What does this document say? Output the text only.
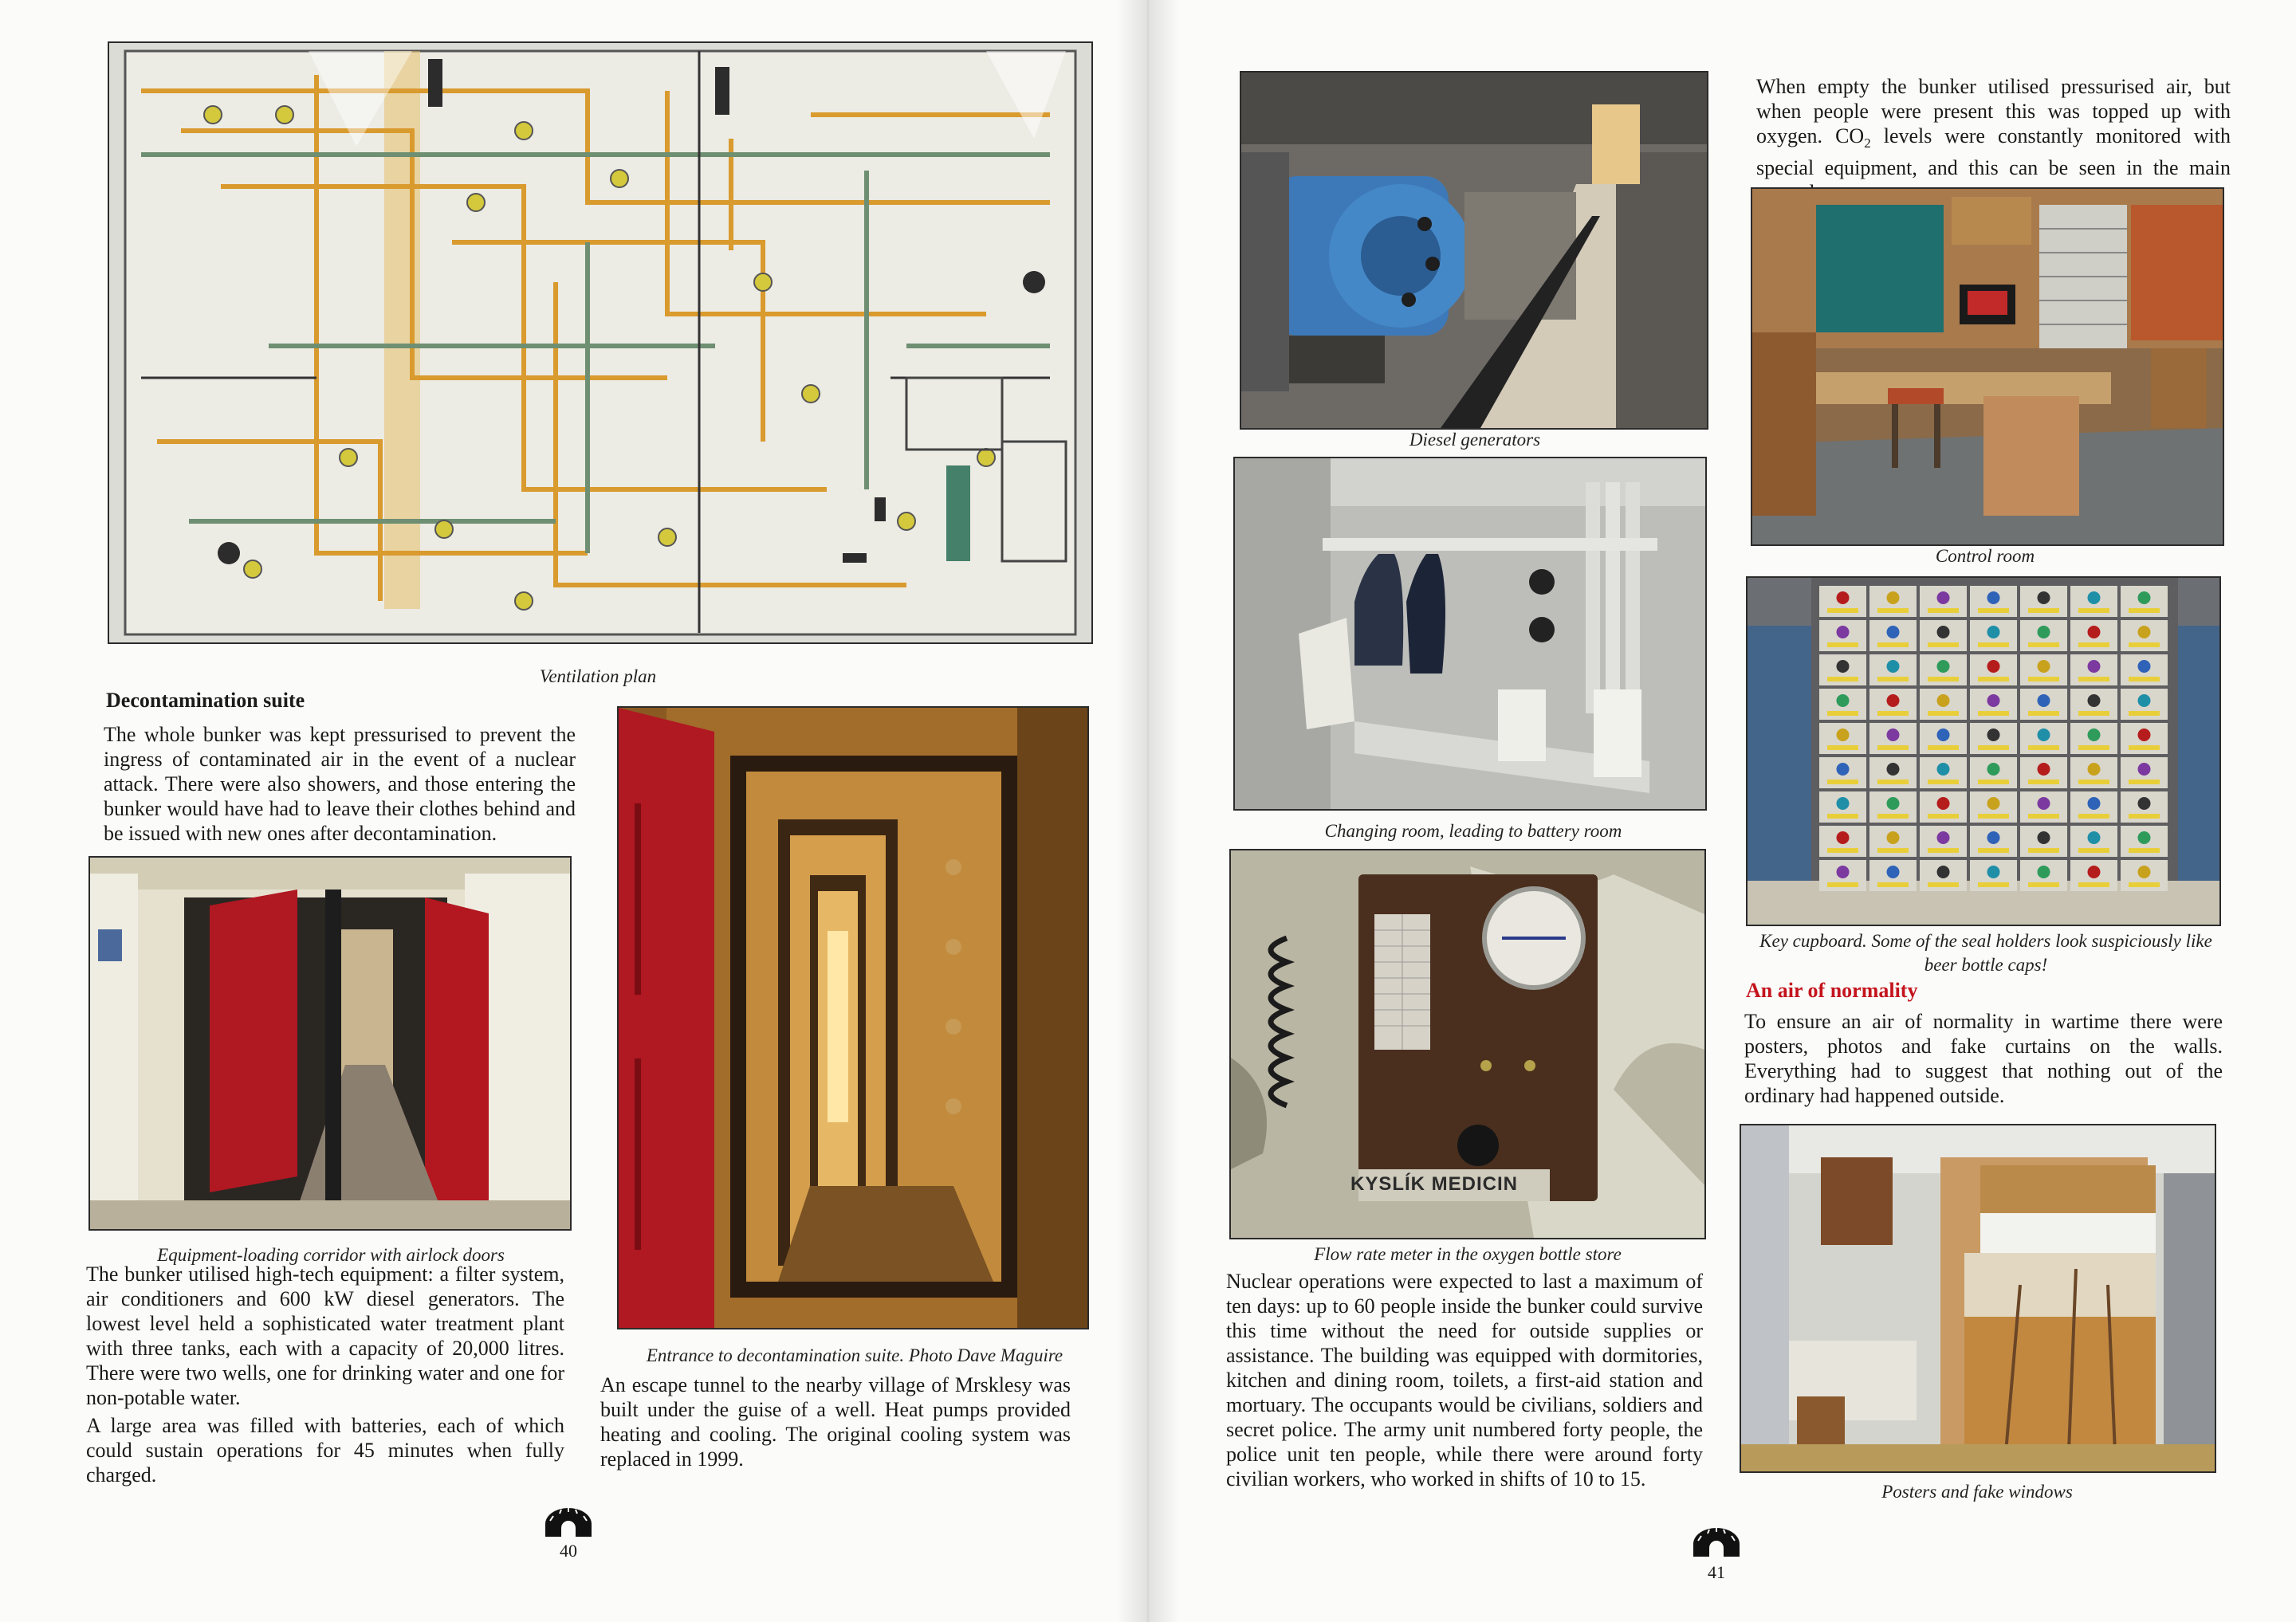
Ventilation plan
Decontamination suite

The whole bunker was kept pressurised to prevent the ingress of contaminated air in the event of a nuclear attack. There were also showers, and those entering the bunker would have had to leave their clothes behind and be issued with new ones after decontamination.

Equipment-loading corridor with airlock doors

The bunker utilised high-tech equipment: a filter system, air conditioners and 600 kW diesel generators. The lowest level held a sophisticated water treatment plant with three tanks, each with a capacity of 20,000 litres. There were two wells, one for drinking water and one for non-potable water.

A large area was filled with batteries, each of which could sustain operations for 45 minutes when fully charged.

Entrance to decontamination suite. Photo Dave Maguire

An escape tunnel to the nearby village of Mrsklesy was built under the guise of a well. Heat pumps provided heating and cooling. The original cooling system was replaced in 1999.

40
Diesel generators
Changing room, leading to battery room
KYSLÍK MEDICIN
Flow rate meter in the oxygen bottle store

Nuclear operations were expected to last a maximum of ten days: up to 60 people inside the bunker could survive this time without the need for outside supplies or assistance. The building was equipped with dormitories, kitchen and dining room, toilets, a first-aid station and mortuary. The occupants would be civilians, soldiers and secret police. The army unit numbered forty people, the police unit ten people, while there were around forty civilian workers, who worked in shifts of 10 to 15.

When empty the bunker utilised pressurised air, but when people were present this was topped up with oxygen. $CO_2$ levels were constantly monitored with special equipment, and this can be seen in the main

Control room
Key cupboard. Some of the seal holders look suspiciously like beer bottle caps!
An air of normality

To ensure an air of normality in wartime there were posters, photos and fake curtains on the walls. Everything had to suggest that nothing out of the ordinary had happened outside.

Posters and fake windows
41
